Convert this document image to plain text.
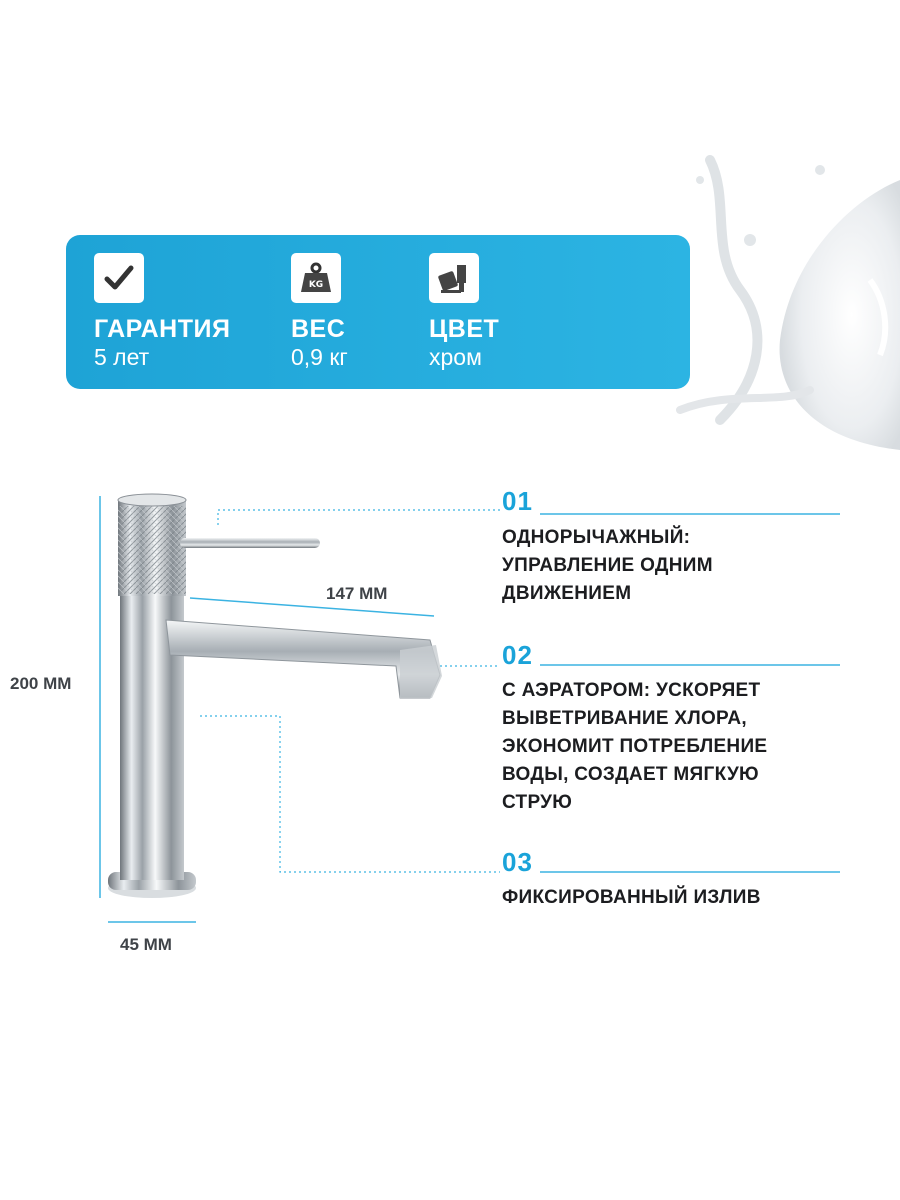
ГАРАНТИЯ
5 лет
KG
ВЕС
0,9 кг
ЦВЕТ
хром
200 ММ
147 ММ
45 ММ
01
ОДНОРЫЧАЖНЫЙ: УПРАВЛЕНИЕ ОДНИМ ДВИЖЕНИЕМ
02
С АЭРАТОРОМ: УСКОРЯЕТ ВЫВЕТРИВАНИЕ ХЛОРА, ЭКОНОМИТ ПОТРЕБЛЕНИЕ ВОДЫ, СОЗДАЕТ МЯГКУЮ СТРУЮ
03
ФИКСИРОВАННЫЙ ИЗЛИВ
